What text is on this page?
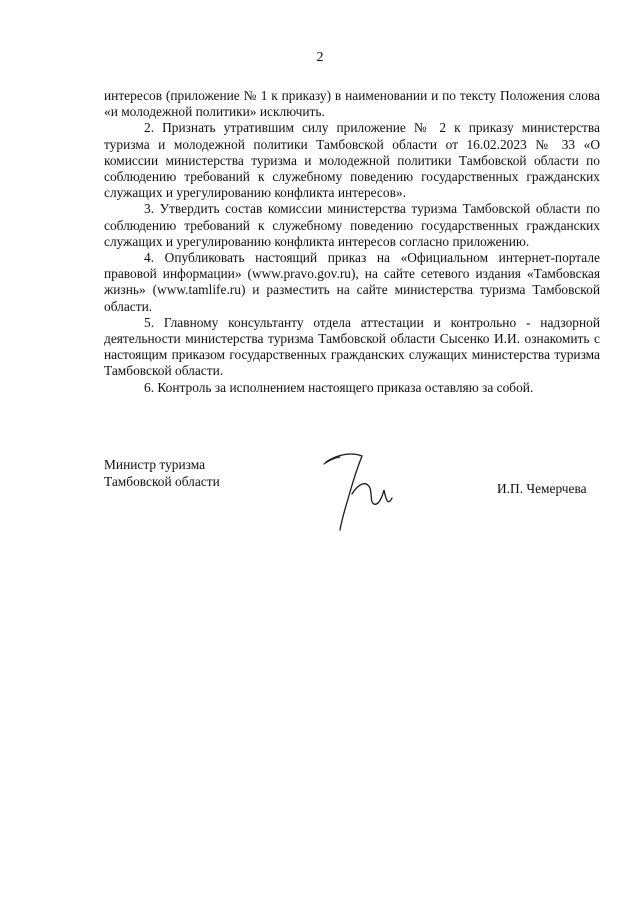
2

интересов (приложение № 1 к приказу) в наименовании и по тексту Положения слова «и молодежной политики» исключить.

2. Признать утратившим силу приложение № 2 к приказу министерства туризма и молодежной политики Тамбовской области от 16.02.2023 № 33 «О комиссии министерства туризма и молодежной политики Тамбовской области по соблюдению требований к служебному поведению государственных гражданских служащих и урегулированию конфликта интересов».

3. Утвердить состав комиссии министерства туризма Тамбовской области по соблюдению требований к служебному поведению государственных гражданских служащих и урегулированию конфликта интересов согласно приложению.

4. Опубликовать настоящий приказ на «Официальном интернет-портале правовой информации» (www.pravo.gov.ru), на сайте сетевого издания «Тамбовская жизнь» (www.tamlife.ru) и разместить на сайте министерства туризма Тамбовской области.

5. Главному консультанту отдела аттестации и контрольно - надзорной деятельности министерства туризма Тамбовской области Сысенко И.И. ознакомить с настоящим приказом государственных гражданских служащих министерства туризма Тамбовской области.

6. Контроль за исполнением настоящего приказа оставляю за собой.

Министр туризма
Тамбовской области	И.П. Чемерчева
